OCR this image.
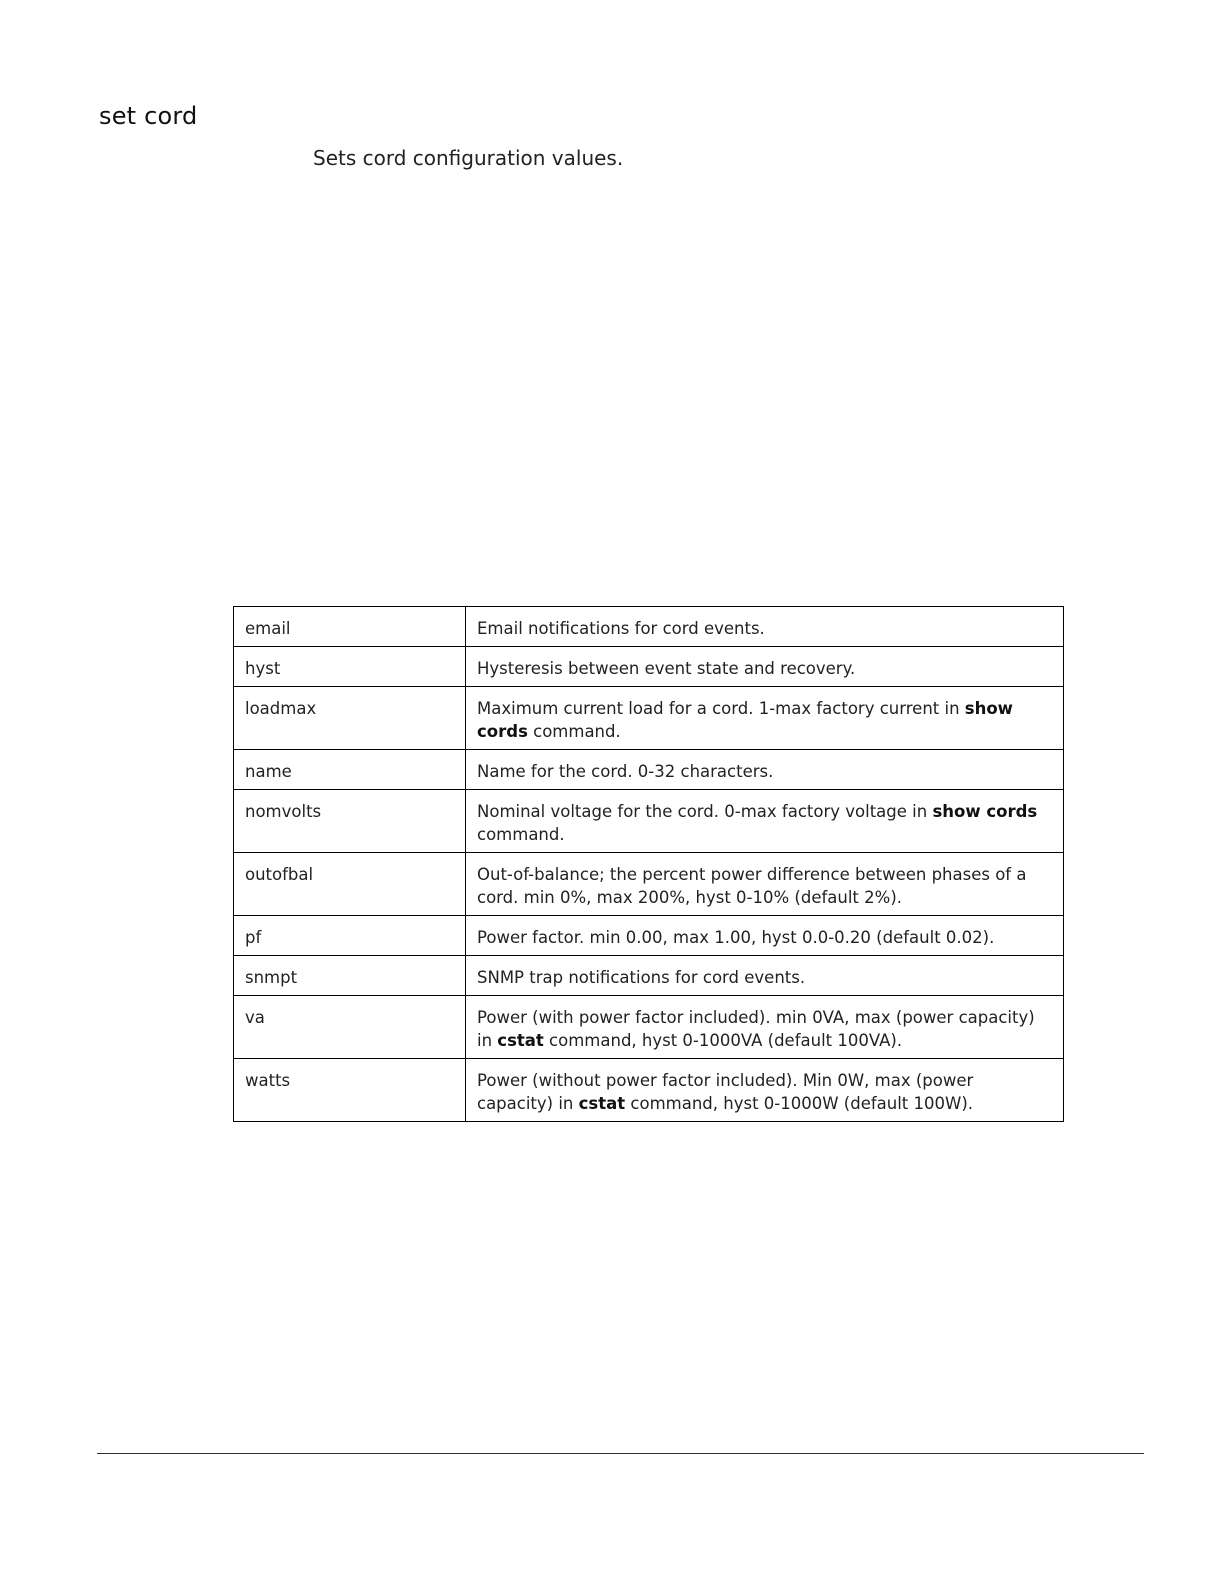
set cord
Sets cord configuration values.
email	Email notifications for cord events.
hyst	Hysteresis between event state and recovery.
loadmax	Maximum current load for a cord. 1-max factory current in show cords command.
name	Name for the cord. 0-32 characters.
nomvolts	Nominal voltage for the cord. 0-max factory voltage in show cords command.
outofbal	Out-of-balance; the percent power difference between phases of a cord. min 0%, max 200%, hyst 0-10% (default 2%).
pf	Power factor. min 0.00, max 1.00, hyst 0.0-0.20 (default 0.02).
snmpt	SNMP trap notifications for cord events.
va	Power (with power factor included). min 0VA, max (power capacity) in cstat command, hyst 0-1000VA (default 100VA).
watts	Power (without power factor included). Min 0W, max (power capacity) in cstat command, hyst 0-1000W (default 100W).
